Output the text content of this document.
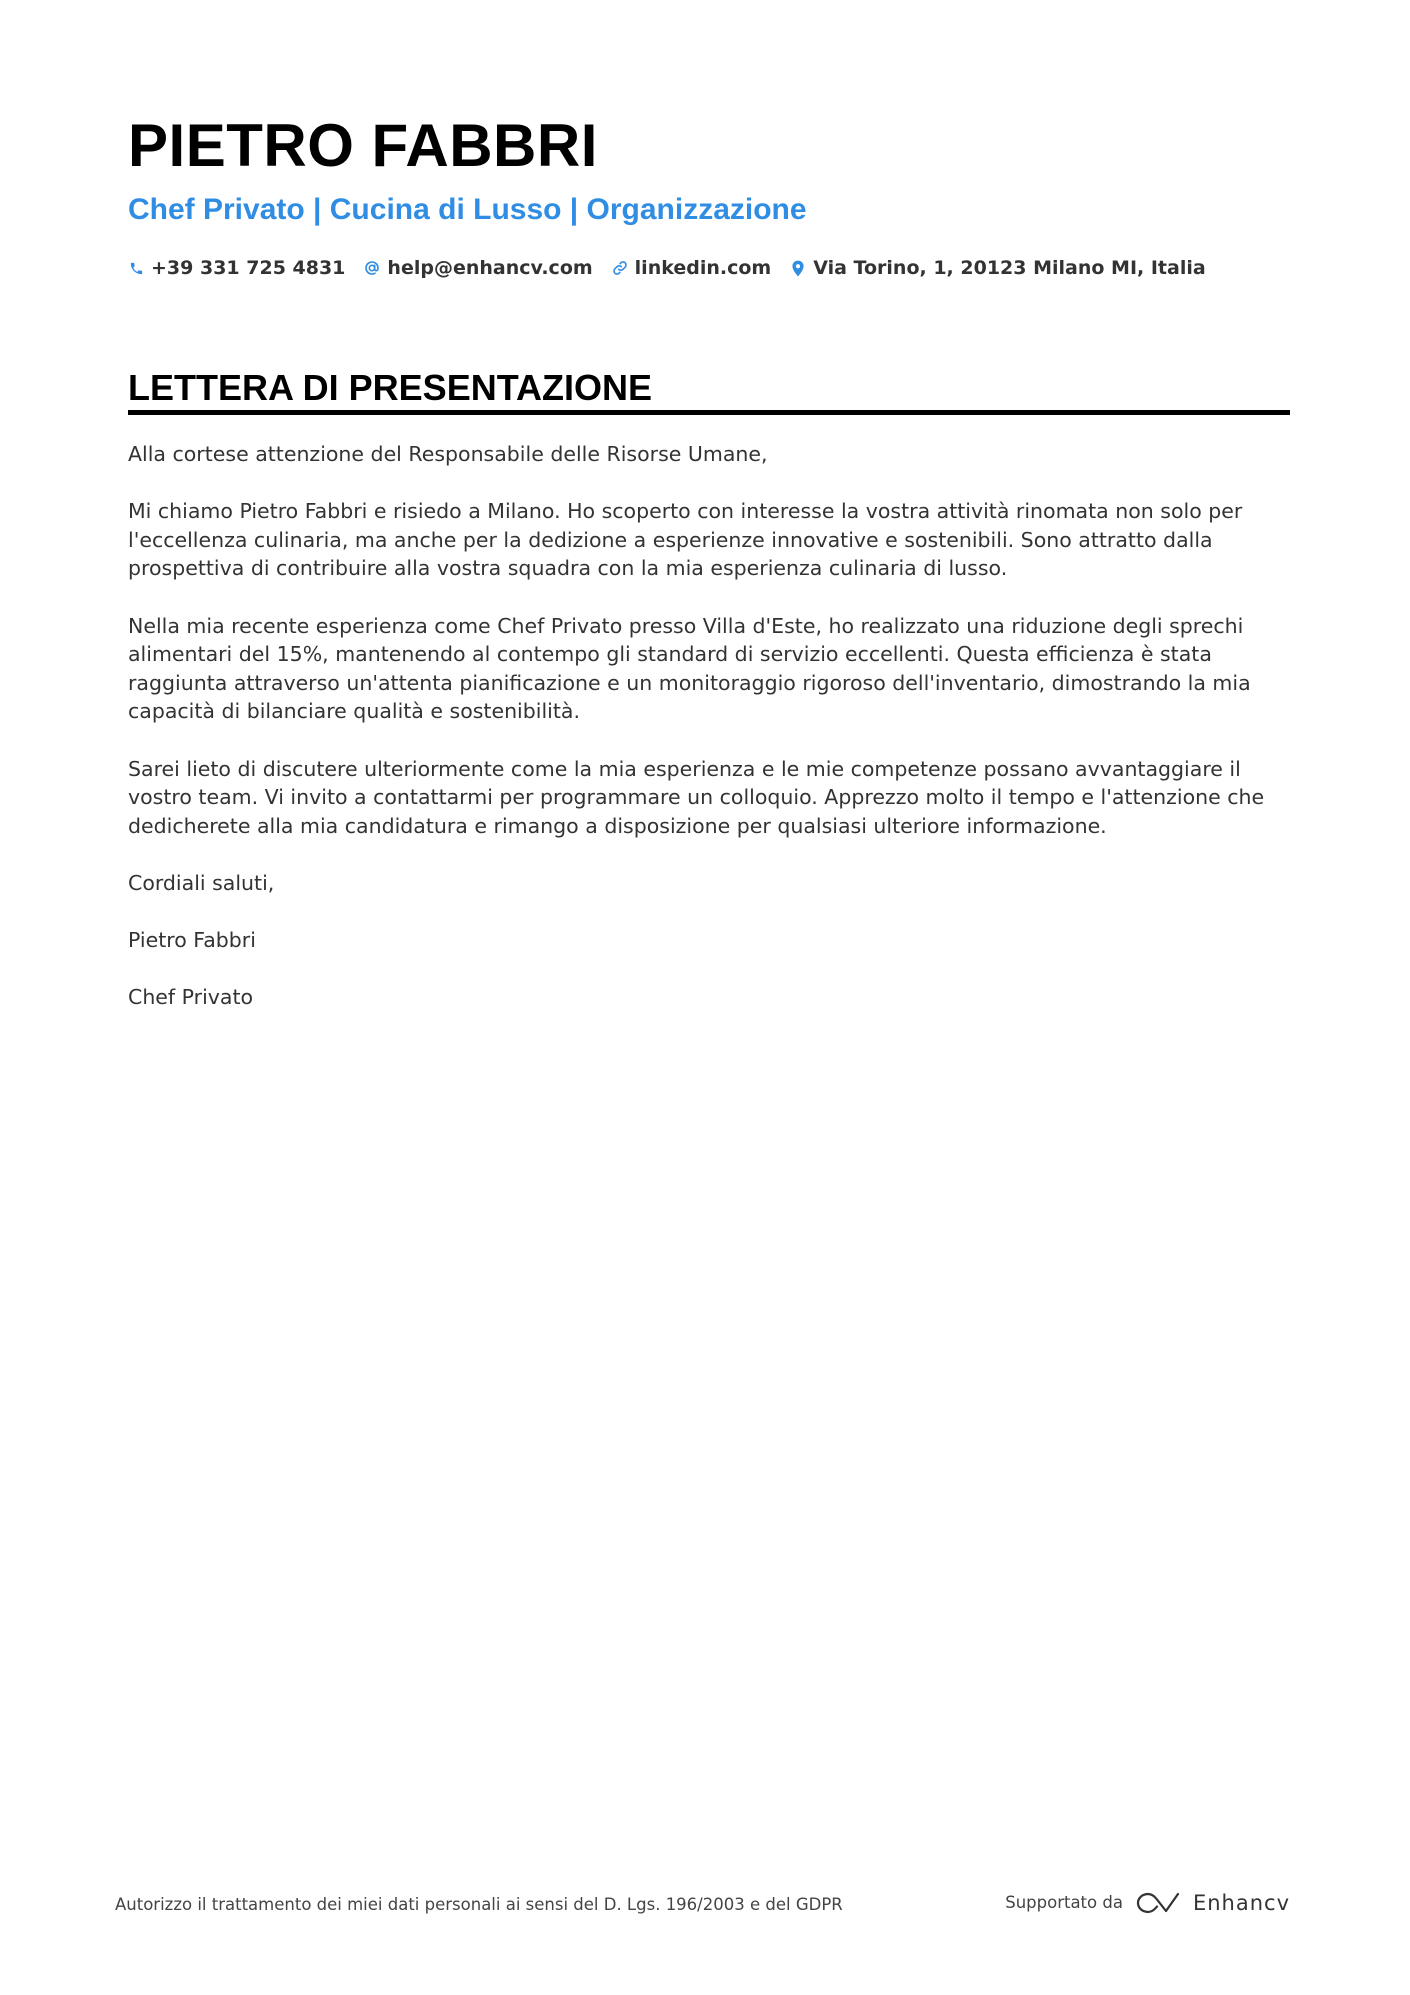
PIETRO FABBRI
Chef Privato | Cucina di Lusso | Organizzazione
+39 331 725 4831 help@enhancv.com linkedin.com Via Torino, 1, 20123 Milano MI, Italia
LETTERA DI PRESENTAZIONE

Alla cortese attenzione del Responsabile delle Risorse Umane,

Mi chiamo Pietro Fabbri e risiedo a Milano. Ho scoperto con interesse la vostra attività rinomata non solo per l'eccellenza culinaria, ma anche per la dedizione a esperienze innovative e sostenibili. Sono attratto dalla prospettiva di contribuire alla vostra squadra con la mia esperienza culinaria di lusso.

Nella mia recente esperienza come Chef Privato presso Villa d'Este, ho realizzato una riduzione degli sprechi alimentari del 15%, mantenendo al contempo gli standard di servizio eccellenti. Questa efficienza è stata raggiunta attraverso un'attenta pianificazione e un monitoraggio rigoroso dell'inventario, dimostrando la mia capacità di bilanciare qualità e sostenibilità.

Sarei lieto di discutere ulteriormente come la mia esperienza e le mie competenze possano avvantaggiare il vostro team. Vi invito a contattarmi per programmare un colloquio. Apprezzo molto il tempo e l'attenzione che dedicherete alla mia candidatura e rimango a disposizione per qualsiasi ulteriore informazione.

Cordiali saluti,

Pietro Fabbri

Chef Privato

Autorizzo il trattamento dei miei dati personali ai sensi del D. Lgs. 196/2003 e del GDPR	Supportato da	Enhancv
